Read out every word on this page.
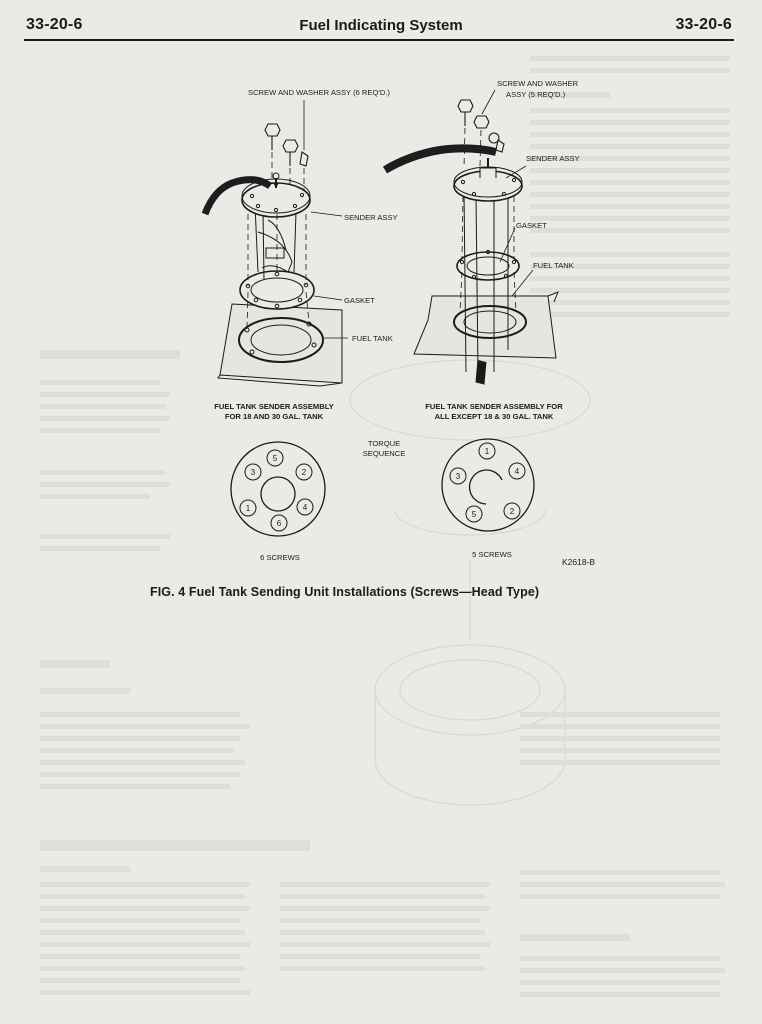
33-20-6	Fuel Indicating System	33-20-6
SCREW AND WASHER ASSY (6 REQ'D.)
SENDER ASSY
GASKET
FUEL TANK
SCREW AND WASHER
ASSY (5 REQ'D.)
SENDER ASSY
GASKET
FUEL TANK
FUEL TANK SENDER ASSEMBLY
FOR 18 AND 30 GAL. TANK
FUEL TANK SENDER ASSEMBLY FOR
ALL EXCEPT 18 & 30 GAL. TANK
TORQUE
SEQUENCE
5
2
4
6
1
3
1
4
2
5
3
6 SCREWS	5 SCREWS
K2618-B
FIG. 4 Fuel Tank Sending Unit Installations (Screws—Head Type)
